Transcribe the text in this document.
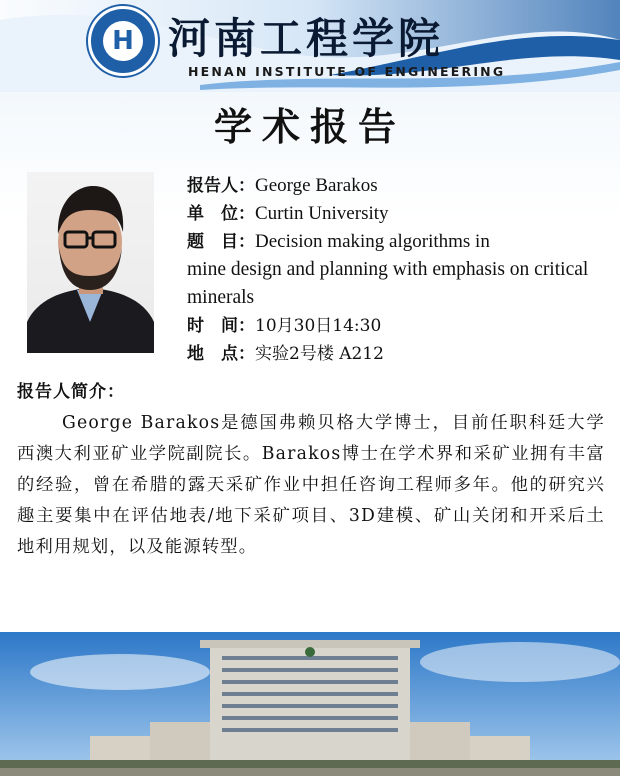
H 河南工程学院
HENAN INSTITUTE OF ENGINEERING
学术报告
报告人： George Barakos
单　位： Curtin University
题　目： Decision making algorithms in
mine design and planning with emphasis on critical minerals
时　间： 10月30日14:30
地　点： 实验2号楼 A212
报告人简介：
George Barakos是德国弗赖贝格大学博士，目前任职科廷大学西澳大利亚矿业学院副院长。Barakos博士在学术界和采矿业拥有丰富的经验，曾在希腊的露天采矿作业中担任咨询工程师多年。他的研究兴趣主要集中在评估地表/地下采矿项目、3D建模、矿山关闭和开采后土地利用规划，以及能源转型。
